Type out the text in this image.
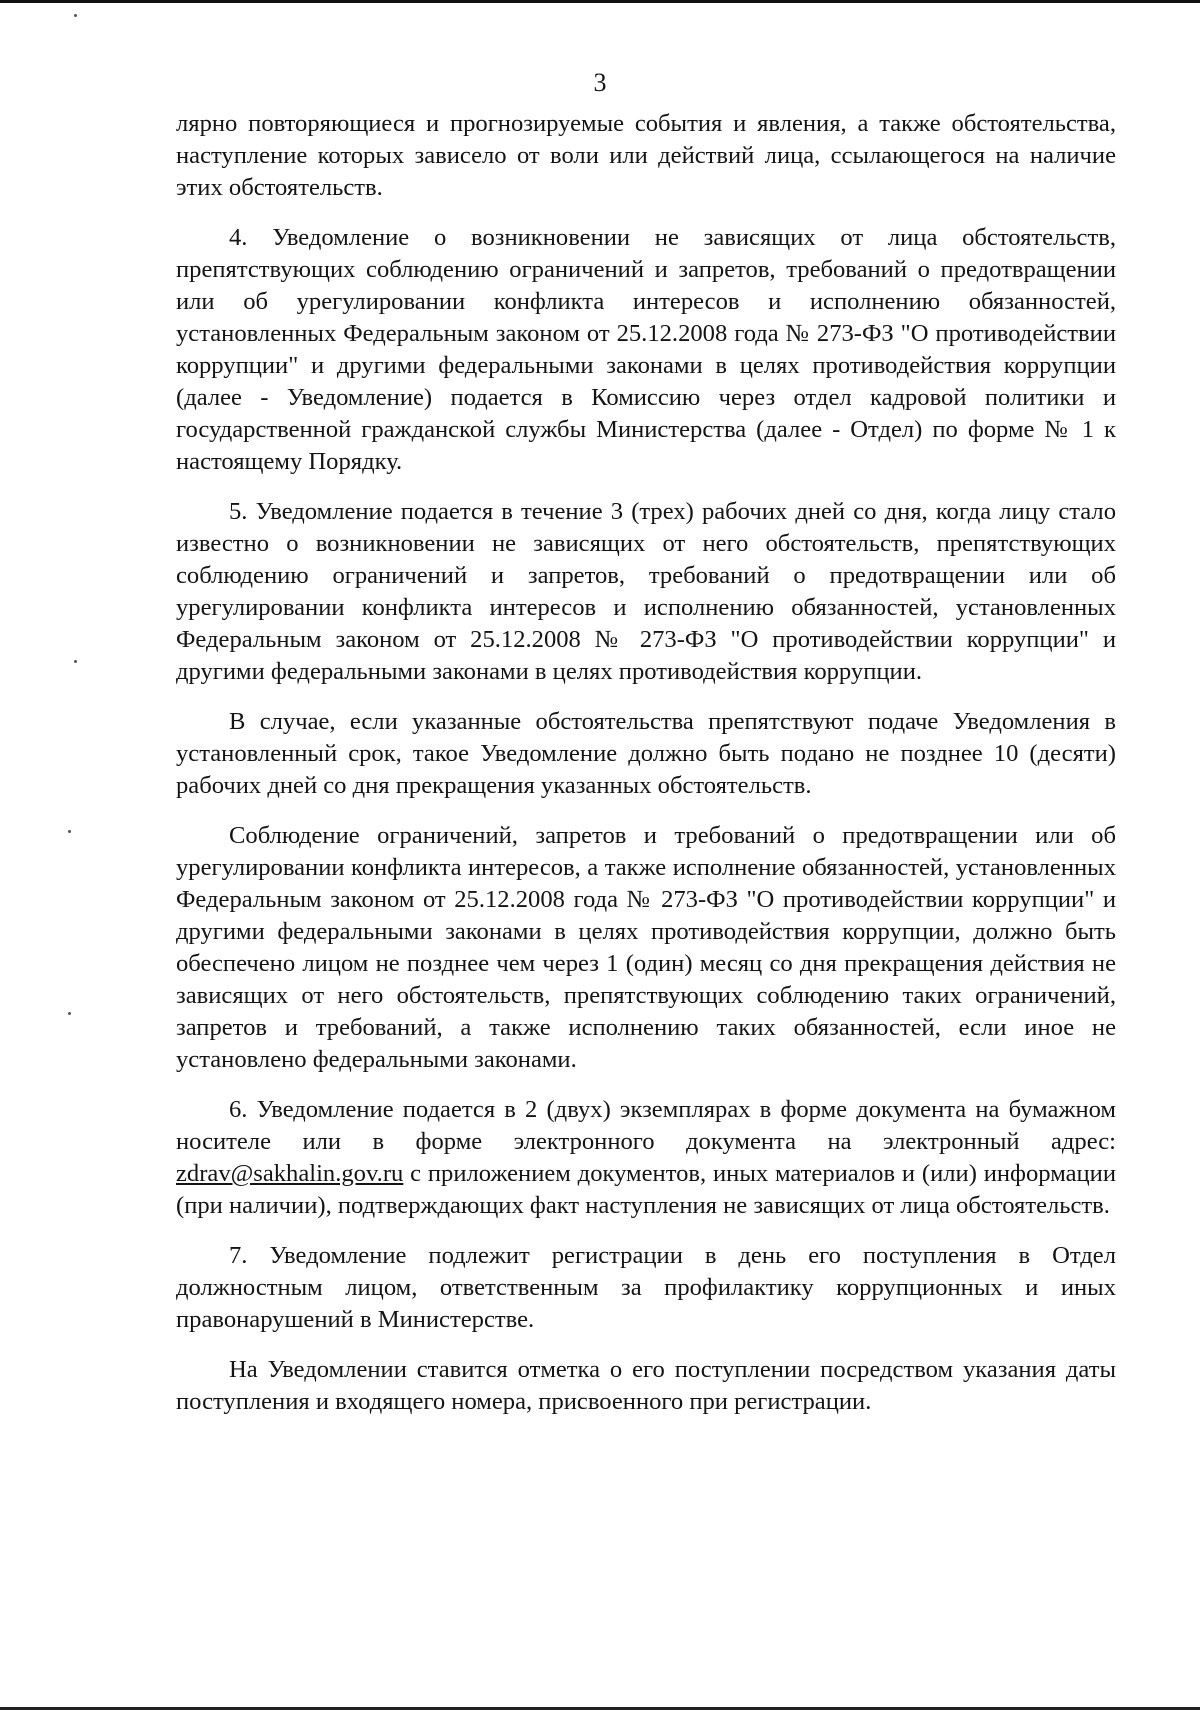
3

лярно повторяющиеся и прогнозируемые события и явления, а также обстоятельства, наступление которых зависело от воли или действий лица, ссылающегося на наличие этих обстоятельств.

4. Уведомление о возникновении не зависящих от лица обстоятельств, препятствующих соблюдению ограничений и запретов, требований о предотвращении или об урегулировании конфликта интересов и исполнению обязанностей, установленных Федеральным законом от 25.12.2008 года № 273-ФЗ "О противодействии коррупции" и другими федеральными законами в целях противодействия коррупции (далее - Уведомление) подается в Комиссию через отдел кадровой политики и государственной гражданской службы Министерства (далее - Отдел) по форме № 1 к настоящему Порядку.

5. Уведомление подается в течение 3 (трех) рабочих дней со дня, когда лицу стало известно о возникновении не зависящих от него обстоятельств, препятствующих соблюдению ограничений и запретов, требований о предотвращении или об урегулировании конфликта интересов и исполнению обязанностей, установленных Федеральным законом от 25.12.2008 № 273-ФЗ "О противодействии коррупции" и другими федеральными законами в целях противодействия коррупции.

В случае, если указанные обстоятельства препятствуют подаче Уведомления в установленный срок, такое Уведомление должно быть подано не позднее 10 (десяти) рабочих дней со дня прекращения указанных обстоятельств.

Соблюдение ограничений, запретов и требований о предотвращении или об урегулировании конфликта интересов, а также исполнение обязанностей, установленных Федеральным законом от 25.12.2008 года № 273-ФЗ "О противодействии коррупции" и другими федеральными законами в целях противодействия коррупции, должно быть обеспечено лицом не позднее чем через 1 (один) месяц со дня прекращения действия не зависящих от него обстоятельств, препятствующих соблюдению таких ограничений, запретов и требований, а также исполнению таких обязанностей, если иное не установлено федеральными законами.

6. Уведомление подается в 2 (двух) экземплярах в форме документа на бумажном носителе или в форме электронного документа на электронный адрес: zdrav@sakhalin.gov.ru с приложением документов, иных материалов и (или) информации (при наличии), подтверждающих факт наступления не зависящих от лица обстоятельств.

7. Уведомление подлежит регистрации в день его поступления в Отдел должностным лицом, ответственным за профилактику коррупционных и иных правонарушений в Министерстве.

На Уведомлении ставится отметка о его поступлении посредством указания даты поступления и входящего номера, присвоенного при регистрации.
